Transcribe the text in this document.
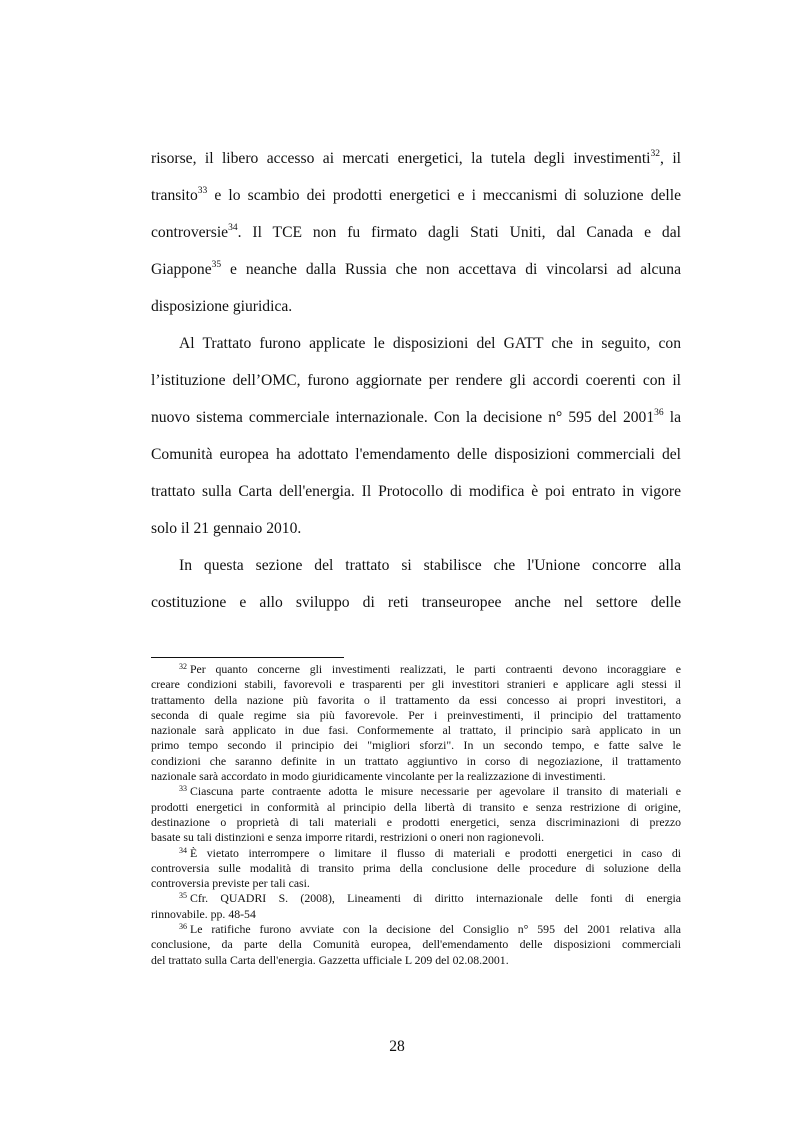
risorse, il libero accesso ai mercati energetici, la tutela degli investimenti$^{32}$, il
transito$^{33}$ e lo scambio dei prodotti energetici e i meccanismi di soluzione delle
controversie$^{34}$. Il TCE non fu firmato dagli Stati Uniti, dal Canada e dal
Giappone$^{35}$ e neanche dalla Russia che non accettava di vincolarsi ad alcuna
disposizione giuridica.
Al Trattato furono applicate le disposizioni del GATT che in seguito, con
l’istituzione dell’OMC, furono aggiornate per rendere gli accordi coerenti con il
nuovo sistema commerciale internazionale. Con la decisione n° 595 del 2001$^{36}$ la
Comunità europea ha adottato l'emendamento delle disposizioni commerciali del
trattato sulla Carta dell'energia. Il Protocollo di modifica è poi entrato in vigore
solo il 21 gennaio 2010.
In questa sezione del trattato si stabilisce che l'Unione concorre alla
costituzione e allo sviluppo di reti transeuropee anche nel settore delle
$^{32}$ Per quanto concerne gli investimenti realizzati, le parti contraenti devono incoraggiare e
creare condizioni stabili, favorevoli e trasparenti per gli investitori stranieri e applicare agli stessi il
trattamento della nazione più favorita o il trattamento da essi concesso ai propri investitori, a
seconda di quale regime sia più favorevole. Per i preinvestimenti, il principio del trattamento
nazionale sarà applicato in due fasi. Conformemente al trattato, il principio sarà applicato in un
primo tempo secondo il principio dei "migliori sforzi". In un secondo tempo, e fatte salve le
condizioni che saranno definite in un trattato aggiuntivo in corso di negoziazione, il trattamento
nazionale sarà accordato in modo giuridicamente vincolante per la realizzazione di investimenti.
$^{33}$ Ciascuna parte contraente adotta le misure necessarie per agevolare il transito di materiali e
prodotti energetici in conformità al principio della libertà di transito e senza restrizione di origine,
destinazione o proprietà di tali materiali e prodotti energetici, senza discriminazioni di prezzo
basate su tali distinzioni e senza imporre ritardi, restrizioni o oneri non ragionevoli.
$^{34}$ È vietato interrompere o limitare il flusso di materiali e prodotti energetici in caso di
controversia sulle modalità di transito prima della conclusione delle procedure di soluzione della
controversia previste per tali casi.
$^{35}$ Cfr. QUADRI S. (2008), Lineamenti di diritto internazionale delle fonti di energia
rinnovabile. pp. 48-54
$^{36}$ Le ratifiche furono avviate con la decisione del Consiglio n° 595 del 2001 relativa alla
conclusione, da parte della Comunità europea, dell'emendamento delle disposizioni commerciali
del trattato sulla Carta dell'energia. Gazzetta ufficiale L 209 del 02.08.2001.
28
